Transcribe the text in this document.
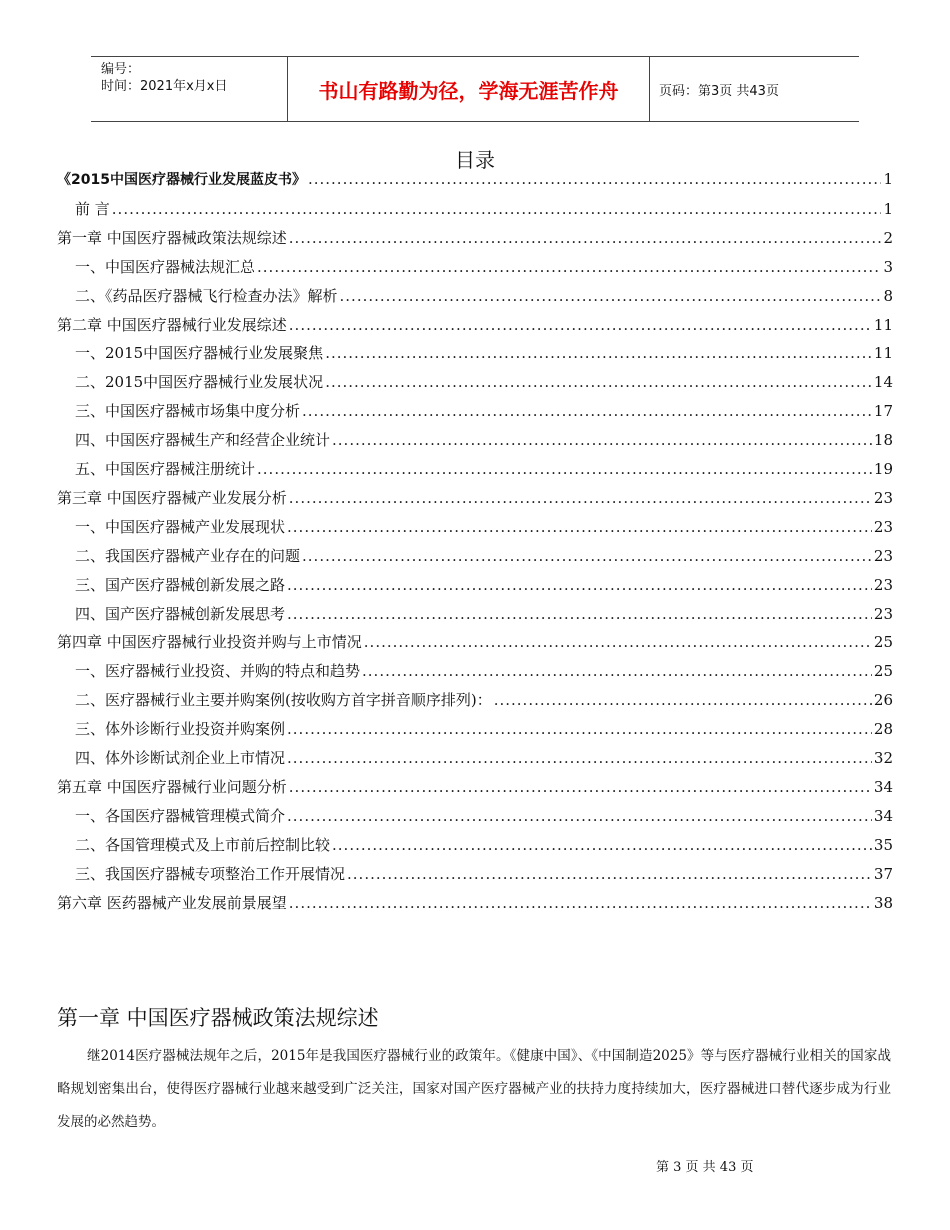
编号：
时间：2021年x月x日	书山有路勤为径，学海无涯苦作舟	页码：第3页 共43页
目录
《2015中国医疗器械行业发展蓝皮书》 .....	1
前 言 .....	1
第一章 中国医疗器械政策法规综述 .....	2
一、中国医疗器械法规汇总 .....	3
二、《药品医疗器械飞行检查办法》解析 .....	8
第二章 中国医疗器械行业发展综述 .....	11
一、2015中国医疗器械行业发展聚焦 .....	11
二、2015中国医疗器械行业发展状况 .....	14
三、中国医疗器械市场集中度分析 .....	17
四、中国医疗器械生产和经营企业统计 .....	18
五、中国医疗器械注册统计 .....	19
第三章 中国医疗器械产业发展分析 .....	23
一、中国医疗器械产业发展现状 .....	23
二、我国医疗器械产业存在的问题 .....	23
三、国产医疗器械创新发展之路 .....	23
四、国产医疗器械创新发展思考 .....	23
第四章 中国医疗器械行业投资并购与上市情况 .....	25
一、医疗器械行业投资、并购的特点和趋势 .....	25
二、医疗器械行业主要并购案例(按收购方首字拼音顺序排列)： .....	26
三、体外诊断行业投资并购案例 .....	28
四、体外诊断试剂企业上市情况 .....	32
第五章 中国医疗器械行业问题分析 .....	34
一、各国医疗器械管理模式简介 .....	34
二、各国管理模式及上市前后控制比较 .....	35
三、我国医疗器械专项整治工作开展情况 .....	37
第六章 医药器械产业发展前景展望 .....	38
第一章 中国医疗器械政策法规综述
继2014医疗器械法规年之后，2015年是我国医疗器械行业的政策年。《健康中国》、《中国制造2025》等与医疗器械行业相关的国家战略规划密集出台，使得医疗器械行业越来越受到广泛关注，国家对国产医疗器械产业的扶持力度持续加大，医疗器械进口替代逐步成为行业发展的必然趋势。
第 3 页 共 43 页
